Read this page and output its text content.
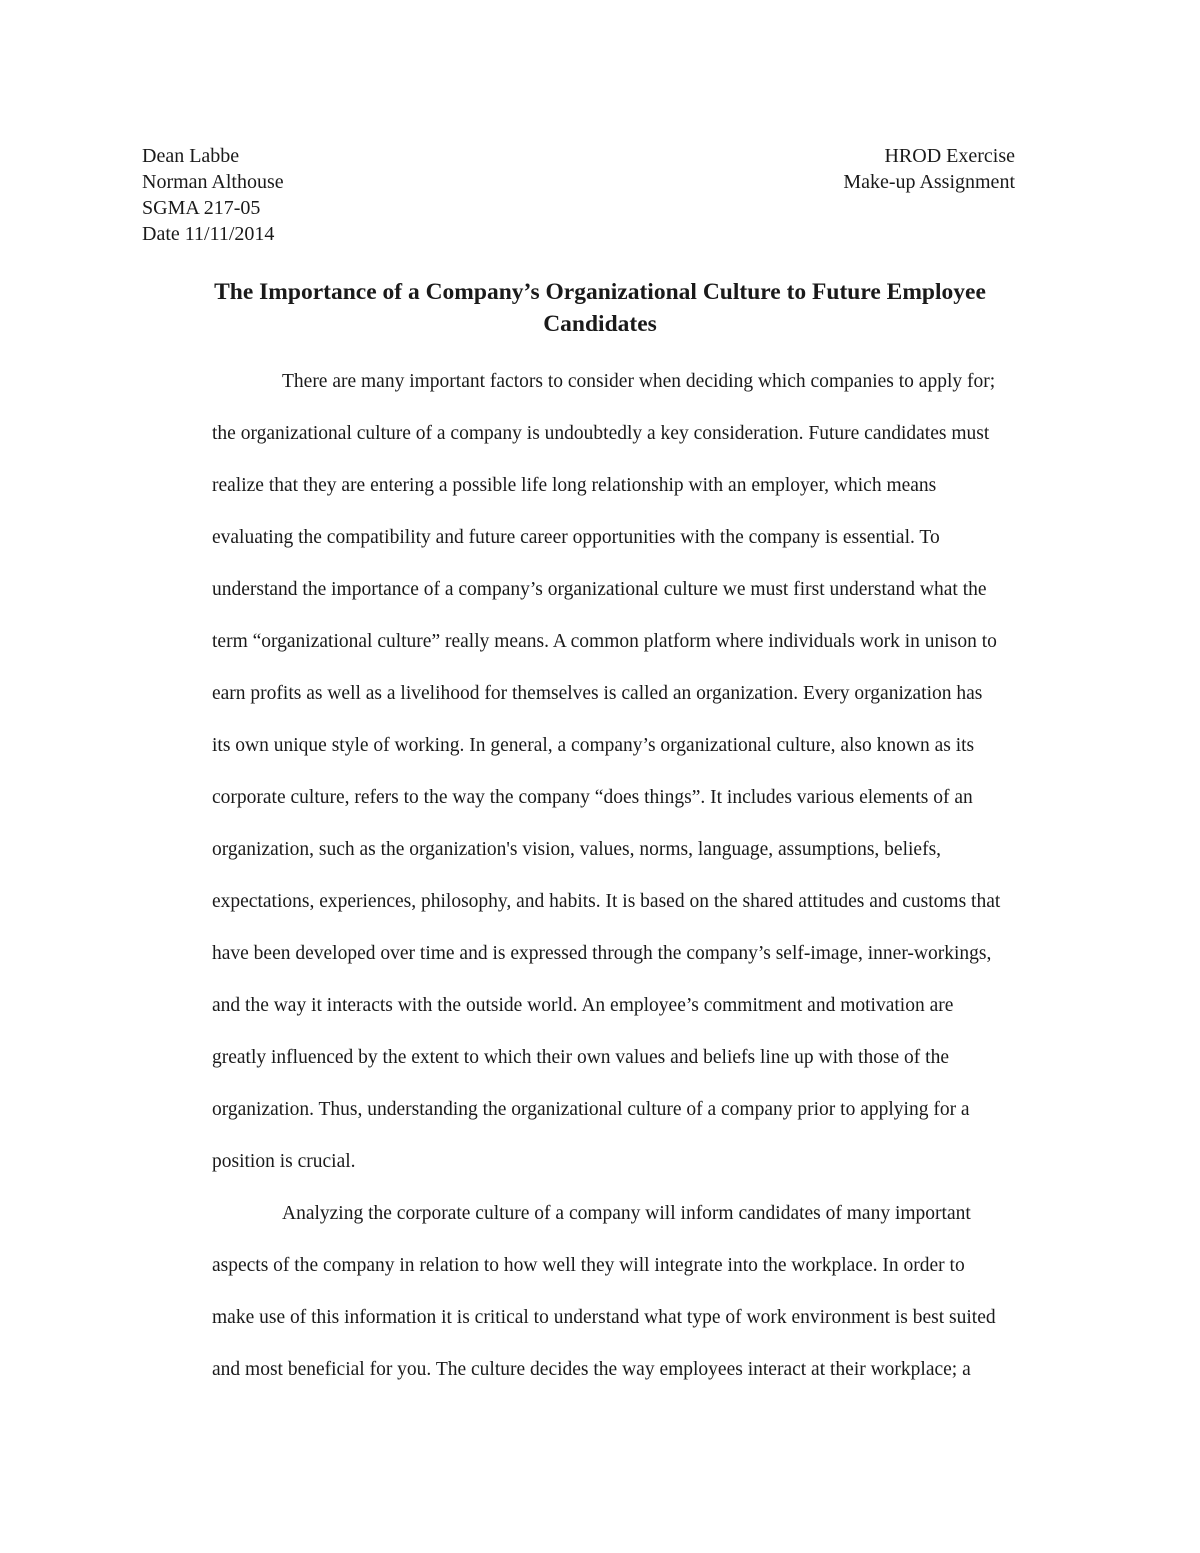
Dean Labbe
Norman Althouse
SGMA 217-05
Date 11/11/2014
HROD Exercise
Make-up Assignment
The Importance of a Company’s Organizational Culture to Future Employee
Candidates
There are many important factors to consider when deciding which companies to apply for;
the organizational culture of a company is undoubtedly a key consideration. Future candidates must
realize that they are entering a possible life long relationship with an employer, which means
evaluating the compatibility and future career opportunities with the company is essential. To
understand the importance of a company’s organizational culture we must first understand what the
term “organizational culture” really means. A common platform where individuals work in unison to
earn profits as well as a livelihood for themselves is called an organization. Every organization has
its own unique style of working. In general, a company’s organizational culture, also known as its
corporate culture, refers to the way the company “does things”. It includes various elements of an
organization, such as the organization's vision, values, norms, language, assumptions, beliefs,
expectations, experiences, philosophy, and habits. It is based on the shared attitudes and customs that
have been developed over time and is expressed through the company’s self-image, inner-workings,
and the way it interacts with the outside world. An employee’s commitment and motivation are
greatly influenced by the extent to which their own values and beliefs line up with those of the
organization. Thus, understanding the organizational culture of a company prior to applying for a
position is crucial.
Analyzing the corporate culture of a company will inform candidates of many important
aspects of the company in relation to how well they will integrate into the workplace. In order to
make use of this information it is critical to understand what type of work environment is best suited
and most beneficial for you. The culture decides the way employees interact at their workplace; a
